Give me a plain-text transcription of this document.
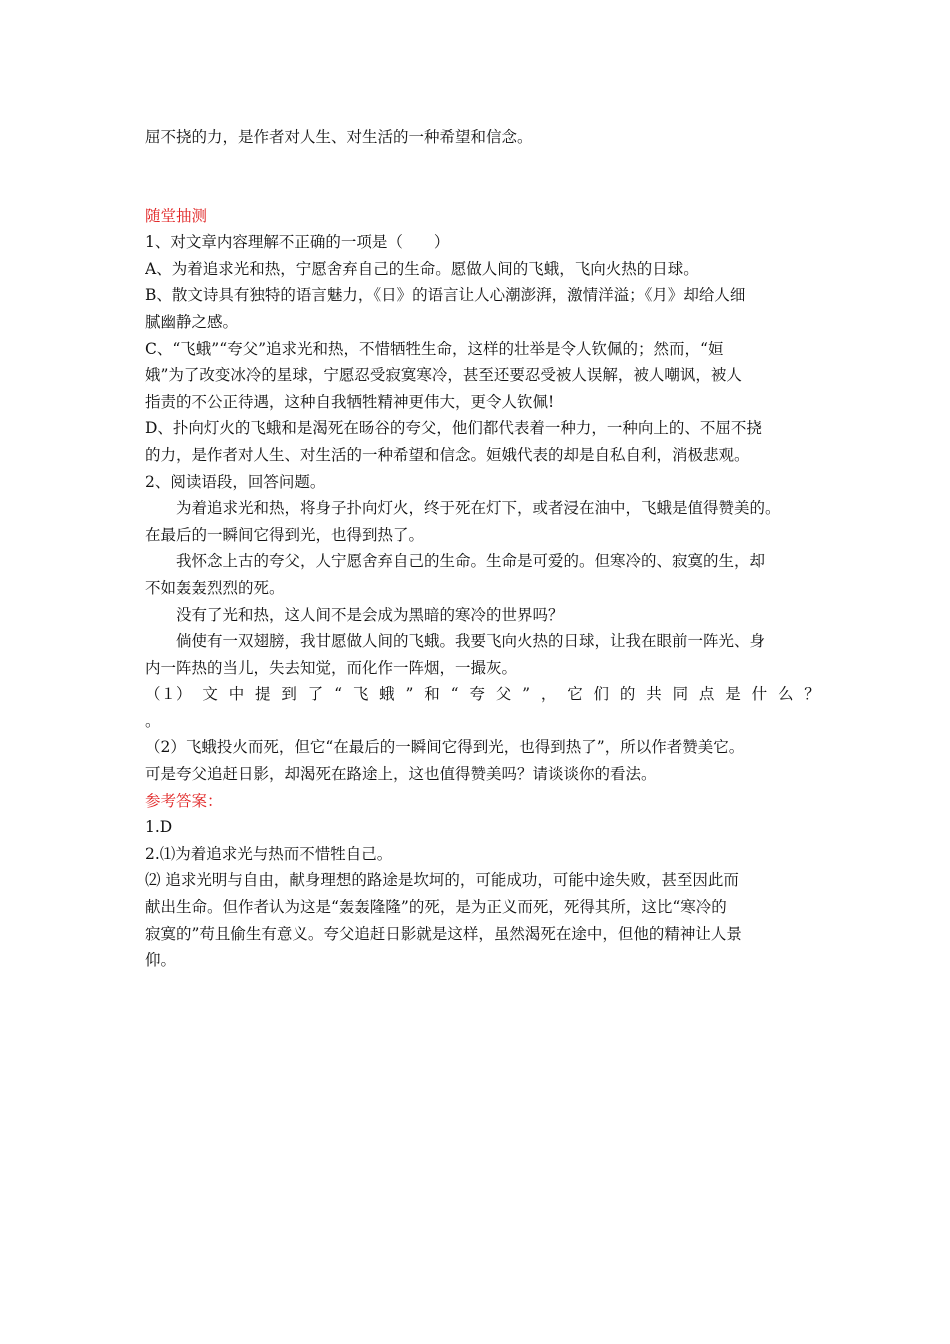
屈不挠的力，是作者对人生、对生活的一种希望和信念。
随堂抽测
1、对文章内容理解不正确的一项是（　　）
A、为着追求光和热，宁愿舍弃自己的生命。愿做人间的飞蛾，飞向火热的日球。
B、散文诗具有独特的语言魅力，《日》的语言让人心潮澎湃，激情洋溢；《月》却给人细
腻幽静之感。
C、“飞蛾”“夸父”追求光和热，不惜牺牲生命，这样的壮举是令人钦佩的；然而，“姮
娥”为了改变冰冷的星球，宁愿忍受寂寞寒冷，甚至还要忍受被人误解，被人嘲讽，被人
指责的不公正待遇，这种自我牺牲精神更伟大，更令人钦佩!
D、扑向灯火的飞蛾和是渴死在旸谷的夸父，他们都代表着一种力，一种向上的、不屈不挠
的力，是作者对人生、对生活的一种希望和信念。姮娥代表的却是自私自利，消极悲观。
2、阅读语段，回答问题。
为着追求光和热，将身子扑向灯火，终于死在灯下，或者浸在油中，飞蛾是值得赞美的。
在最后的一瞬间它得到光，也得到热了。
我怀念上古的夸父，人宁愿舍弃自己的生命。生命是可爱的。但寒冷的、寂寞的生，却
不如轰轰烈烈的死。
没有了光和热，这人间不是会成为黑暗的寒冷的世界吗？
倘使有一双翅膀，我甘愿做人间的飞蛾。我要飞向火热的日球，让我在眼前一阵光、身
内一阵热的当儿，失去知觉，而化作一阵烟，一撮灰。
（１） 文 中 提 到 了 “ 飞 蛾 ” 和 “ 夸 父 ” ， 它 们 的 共 同 点 是 什 么 ？
。
（2）飞蛾投火而死，但它“在最后的一瞬间它得到光，也得到热了”，所以作者赞美它。
可是夸父追赶日影，却渴死在路途上，这也值得赞美吗？请谈谈你的看法。
参考答案：
1.D
2.⑴为着追求光与热而不惜牲自己。
⑵ 追求光明与自由，献身理想的路途是坎坷的，可能成功，可能中途失败，甚至因此而
献出生命。但作者认为这是“轰轰隆隆”的死，是为正义而死，死得其所，这比“寒冷的
寂寞的”苟且偷生有意义。夸父追赶日影就是这样，虽然渴死在途中，但他的精神让人景
仰。
